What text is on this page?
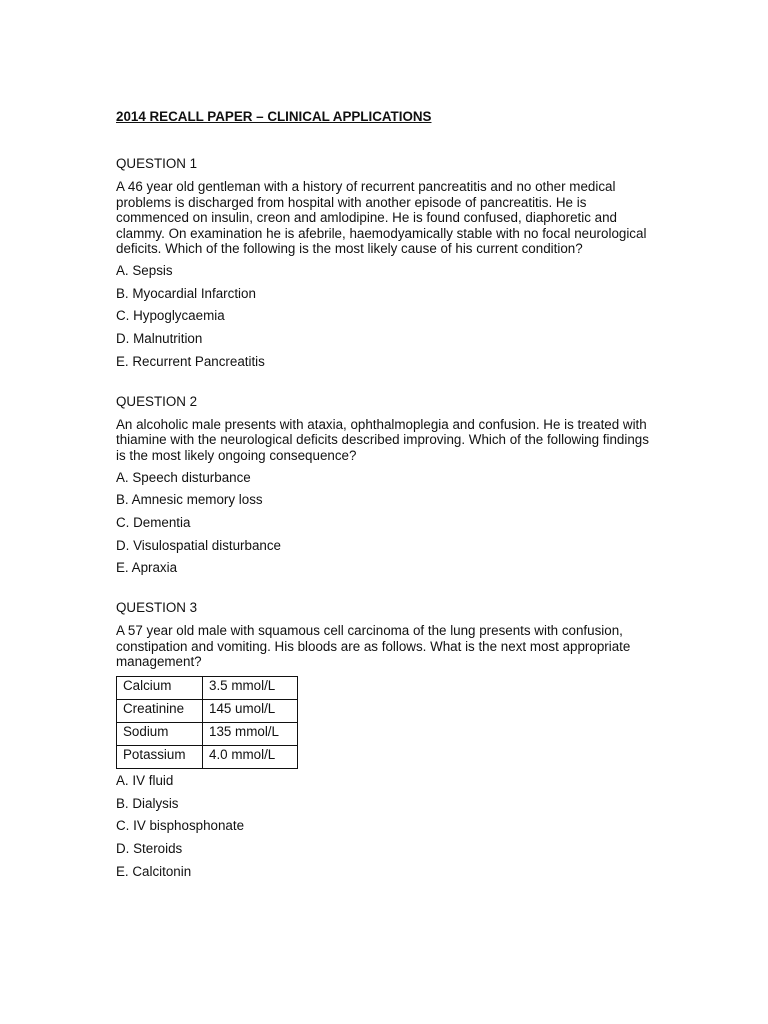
2014 RECALL PAPER – CLINICAL APPLICATIONS
QUESTION 1
A 46 year old gentleman with a history of recurrent pancreatitis and no other medical problems is discharged from hospital with another episode of pancreatitis. He is commenced on insulin, creon and amlodipine. He is found confused, diaphoretic and clammy. On examination he is afebrile, haemodyamically stable with no focal neurological deficits. Which of the following is the most likely cause of his current condition?
A. Sepsis
B. Myocardial Infarction
C. Hypoglycaemia
D. Malnutrition
E. Recurrent Pancreatitis
QUESTION 2
An alcoholic male presents with ataxia, ophthalmoplegia and confusion. He is treated with thiamine with the neurological deficits described improving. Which of the following findings is the most likely ongoing consequence?
A. Speech disturbance
B. Amnesic memory loss
C. Dementia
D. Visulospatial disturbance
E. Apraxia
QUESTION 3
A 57 year old male with squamous cell carcinoma of the lung presents with confusion, constipation and vomiting. His bloods are as follows. What is the next most appropriate management?
Calcium	3.5 mmol/L
Creatinine	145 umol/L
Sodium	135 mmol/L
Potassium	4.0 mmol/L
A. IV fluid
B. Dialysis
C. IV bisphosphonate
D. Steroids
E. Calcitonin
